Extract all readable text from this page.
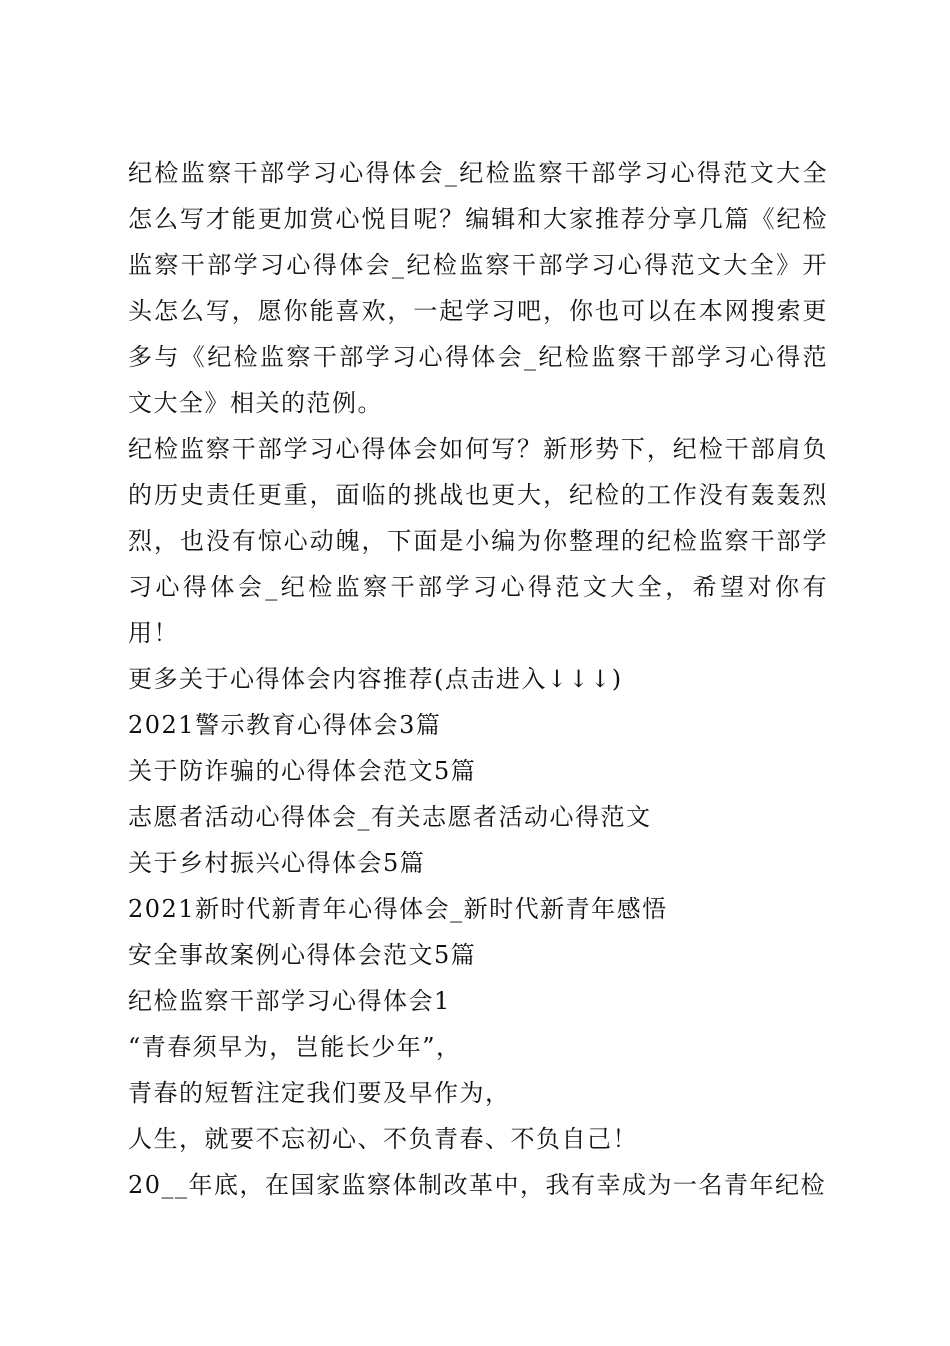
纪检监察干部学习心得体会_纪检监察干部学习心得范文大全怎么写才能更加赏心悦目呢？编辑和大家推荐分享几篇《纪检监察干部学习心得体会_纪检监察干部学习心得范文大全》开头怎么写，愿你能喜欢，一起学习吧，你也可以在本网搜索更多与《纪检监察干部学习心得体会_纪检监察干部学习心得范文大全》相关的范例。

纪检监察干部学习心得体会如何写？新形势下，纪检干部肩负的历史责任更重，面临的挑战也更大，纪检的工作没有轰轰烈烈，也没有惊心动魄，下面是小编为你整理的纪检监察干部学习心得体会_纪检监察干部学习心得范文大全，希望对你有用！

更多关于心得体会内容推荐(点击进入↓↓↓)

2021警示教育心得体会3篇

关于防诈骗的心得体会范文5篇

志愿者活动心得体会_有关志愿者活动心得范文

关于乡村振兴心得体会5篇

2021新时代新青年心得体会_新时代新青年感悟

安全事故案例心得体会范文5篇

纪检监察干部学习心得体会1

“青春须早为，岂能长少年”，

青春的短暂注定我们要及早作为，

人生，就要不忘初心、不负青春、不负自己！

20__年底，在国家监察体制改革中，我有幸成为一名青年纪检
